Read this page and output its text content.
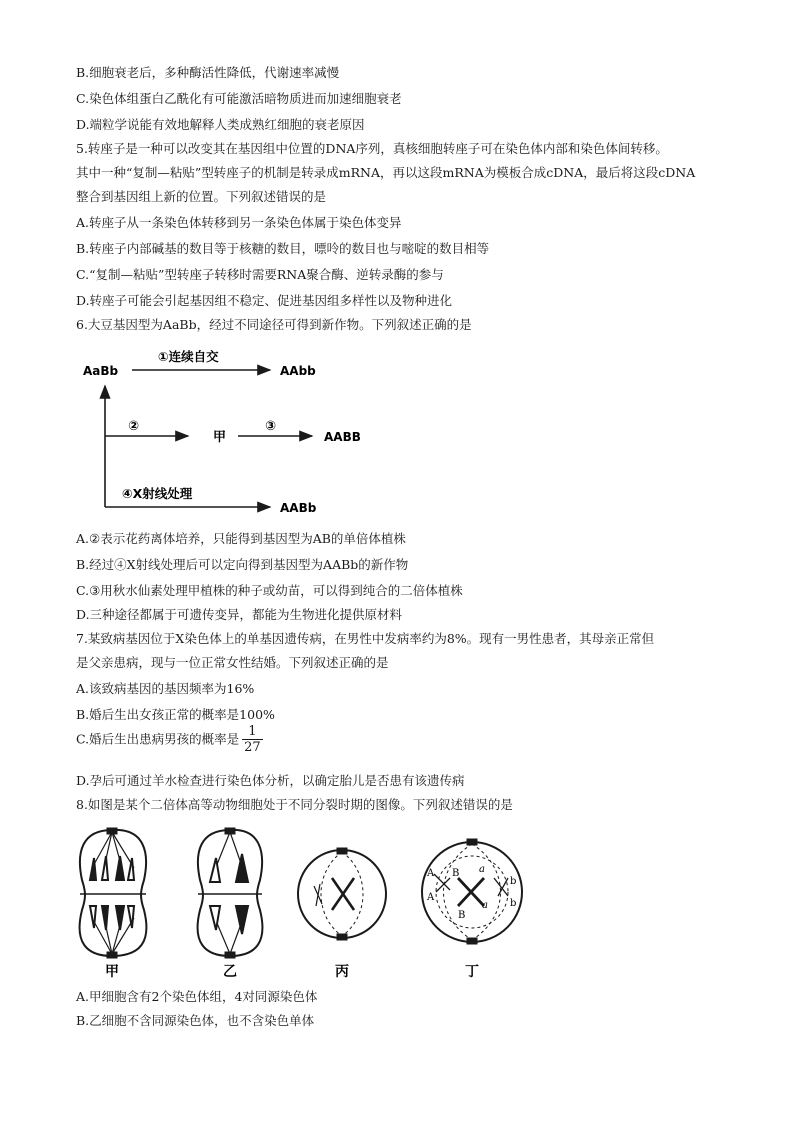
B.细胞衰老后，多种酶活性降低，代谢速率减慢
C.染色体组蛋白乙酰化有可能激活暗物质进而加速细胞衰老
D.端粒学说能有效地解释人类成熟红细胞的衰老原因
5.转座子是一种可以改变其在基因组中位置的DNA序列，真核细胞转座子可在染色体内部和染色体间转移。
其中一种“复制—粘贴”型转座子的机制是转录成mRNA，再以这段mRNA为模板合成cDNA，最后将这段cDNA
整合到基因组上新的位置。下列叙述错误的是
A.转座子从一条染色体转移到另一条染色体属于染色体变异
B.转座子内部碱基的数目等于核糖的数目，嘌呤的数目也与嘧啶的数目相等
C.“复制—粘贴”型转座子转移时需要RNA聚合酶、逆转录酶的参与
D.转座子可能会引起基因组不稳定、促进基因组多样性以及物种进化
6.大豆基因型为AaBb，经过不同途径可得到新作物。下列叙述正确的是
AaBb
①连续自交
AAbb
②
甲
③
AABB
④X射线处理
AABb
A.②表示花药离体培养，只能得到基因型为AB的单倍体植株
B.经过④X射线处理后可以定向得到基因型为AABb的新作物
C.③用秋水仙素处理甲植株的种子或幼苗，可以得到纯合的二倍体植株
D.三种途径都属于可遗传变异，都能为生物进化提供原材料
7.某致病基因位于X染色体上的单基因遗传病，在男性中发病率约为8%。现有一男性患者，其母亲正常但
是父亲患病，现与一位正常女性结婚。下列叙述正确的是
A.该致病基因的基因频率为16%
B.婚后生出女孩正常的概率是100%
C.婚后生出患病男孩的概率是 $\frac{1}{27}$
D.孕后可通过羊水检查进行染色体分析，以确定胎儿是否患有该遗传病
8.如图是某个二倍体高等动物细胞处于不同分裂时期的图像。下列叙述错误的是
A
A
B
B
a
a
b
b
甲	乙	丙	丁
A.甲细胞含有2个染色体组，4对同源染色体
B.乙细胞不含同源染色体，也不含染色单体
